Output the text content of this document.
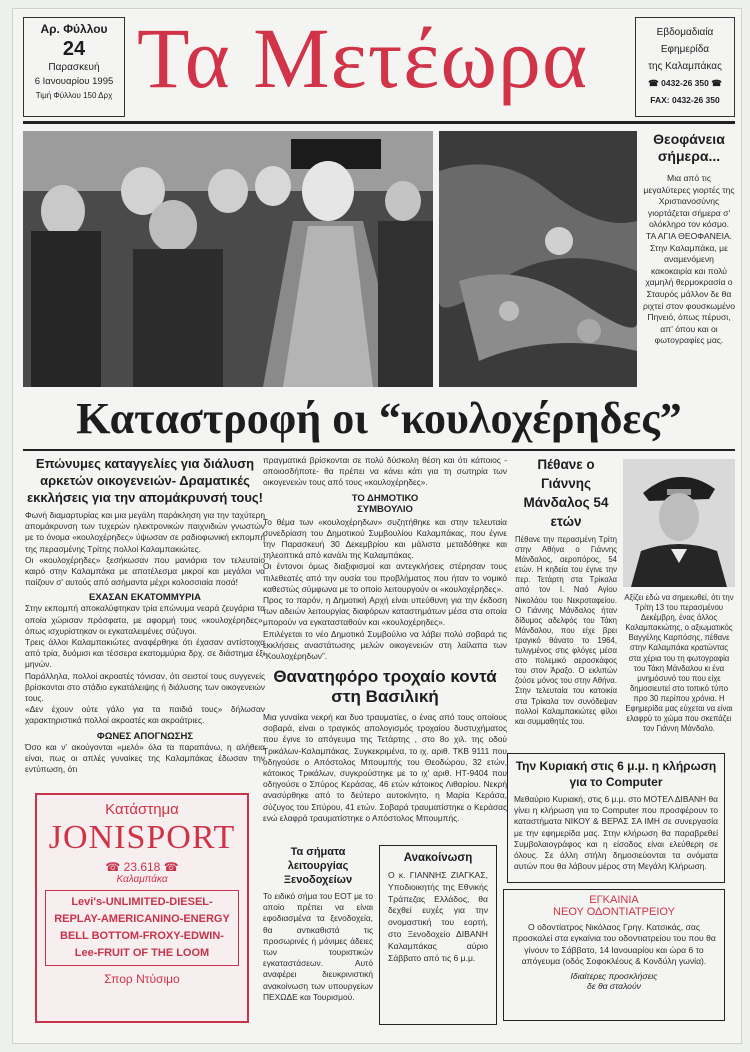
Αρ. Φύλλου
24
Παρασκευή
6 Ιανουαρίου 1995
Τιμή Φύλλου 150 Δρχ Τα Μετέωρα	Εβδομαδιαία
Εφημερίδα
της Καλαμπάκας
☎ 0432-26 350 ☎
FAX: 0432-26 350
Θεοφάνεια σήμερα...
Μια από τις μεγαλύτερες γιορτές της Χριστιανοσύνης γιορτάζεται σήμερα σ' ολόκληρο τον κόσμο. ΤΑ ΑΓΙΑ ΘΕΟΦΑΝΕΙΑ. Στην Καλαμπάκα, με αναμενόμενη κακοκαιρία και πολύ χαμηλή θερμοκρασία ο Σταυρός μάλλον δε θα ριχτεί στον φουσκωμένο Πηνειό, όπως πέρυσι, απ' όπου και οι φωτογραφίες μας.
Καταστροφή οι “κουλοχέρηδες”
Επώνυμες καταγγελίες για διάλυση αρκετών οικογενειών- Δραματικές εκκλήσεις για την απομάκρυνσή τους!
Φωνή διαμαρτυρίας και μια μεγάλη παράκληση για την ταχύτερη απομάκρυνση των τυχερών ηλεκτρονικών παιχνιδιών γνωστών με το όνομα «κουλοχέρηδες» ύψωσαν σε ραδιοφωνική εκπομπή της περασμένης Τρίτης πολλοί Καλαμπακιώτες.
Οι «κουλοχέρηδες» ξεσήκωσαν που μανιάρια τον τελευταίο καιρό στην Καλαμπάκα με αποτέλεσμα μικροί και μεγάλοι να παίζουν σ' αυτούς από ασήμαντα μέχρι κολοσσιαία ποσά!
ΕΧΑΣΑΝ ΕΚΑΤΟΜΜΥΡΙΑ
Στην εκπομπή αποκαλύφτηκαν τρία επώνυμα νεαρά ζευγάρια τα οποία χώρισαν πρόσφατα, με αφορμή τους «κουλοχέρηδες», όπως ισχυρίστηκαν οι εγκαταλειμένες σύζυγοι.
Τρεις άλλοι Καλαμπακιώτες αναφέρθηκε ότι έχασαν αντίστοιχα από τρία, δυόμισι και τέσσερα εκατομμύρια δρχ. σε διάστημα έξι μηνών.
Παράλληλα, πολλοί ακροατές τόνισαν, ότι σειστοί τους συγγενείς βρίσκονται στο στάδιο εγκατάλειψης ή διάλυσης των οικογενειών τους.
«Δεν έχουν ούτε γάλο για τα παιδιά τους» δήλωσαν χαρακτηριστικά πολλοί ακροατές και ακροάτριες.
ΦΩΝΕΣ ΑΠΟΓΝΩΣΗΣ
Όσο και ν' ακούγονται «μελό» όλα τα παραπάνω, η αλήθεια είναι, πως οι απλές γυναίκες της Καλαμπάκας έδωσαν την εντύπωση, ότι
Κατάστημα
JONISPORT
☎ 23.618 ☎
Καλαμπάκα
Levi's-UNLIMITED-DIESEL-
REPLAY-AMERICANINO-ENERGY
BELL BOTTOM-FROXY-EDWIN-
Lee-FRUIT OF THE LOOM
Σπορ Ντύσιμο
πραγματικά βρίσκονται σε πολύ δύσκολη θέση και ότι κάποιος - οποιοσδήποτε- θα πρέπει να κάνει κάτι για τη σωτηρία των οικογενειών τους από τους «κουλοχέρηδες».
ΤΟ ΔΗΜΟΤΙΚΟ ΣΥΜΒΟΥΛΙΟ
Το θέμα των «κουλοχέρηδων» συζητήθηκε και στην τελευταία συνεδρίαση του Δημοτικού Συμβουλίου Καλαμπάκας, που έγινε την Παρασκευή 30 Δεκεμβρίου και μάλιστα μεταδόθηκε και τηλεοπτικά από κανάλι της Καλαμπάκας.
Οι έντονοι όμως διαξιφισμοί και αντεγκλήσεις στέρησαν τους πιλεθεατές από την ουσία του προβλήματος που ήταν το νομικό καθεστώς σύμφωνα με το οποίο λειτουργούν οι «κουλοχέρηδες».
Προς το παρόν, η Δημοτική Αρχή είναι υπεύθυνη για την έκδοση των αδειών λειτουργίας διαφόρων καταστημάτων μέσα στα οποία μπορούν να εγκατασταθούν και «κουλοχέρηδες».
Επιλέγεται το νέο Δημοτικό Συμβούλιο να λάβει πολύ σοβαρά τις εκκλήσεις αναστάτωσης μελών οικογενειών στη λαίλαπα των “Κουλοχέρηδων”.
Θανατηφόρο τροχαίο κοντά στη Βασιλική
Μια γυναίκα νεκρή και δυο τραυματίες, ο ένας από τους οποίους σοβαρά, είναι ο τραγικός απολογισμός τροχαίου δυστυχήματος που έγινε το απόγευμα της Τετάρτης , στο 8ο χιλ. της οδού Τρικάλων-Καλαμπάκας. Συγκεκριμένα, το ιχ. αριθ. ΤΚΒ 9111 που οδηγούσε ο Απόστολος Μπουμπής του Θεοδώρου, 32 ετών, κάτοικος Τρικάλων, συγκρούστηκε με το ιχ' αριθ. ΗΤ-9404 που οδηγούσε ο Σπύρος Κεράσας, 46 ετών κάτοικος Λιθαρίου. Νεκρή ανασύρθηκε από το δεύτερο αυτοκίνητο, η Μαρία Κεράσα, σύζυγος του Σπύρου, 41 ετών. Σοβαρά τραυματίστηκε ο Κεράσας ενώ ελαφρά τραυματίστηκε ο Απόστολος Μπουμπής.
Τα σήματα λειτουργίας Ξενοδοχείων
Το ειδικό σήμα του ΕΟΤ με το οποίο πρέπει να είναι εφοδιασμένα τα ξενοδοχεία, θα αντικαθιστά τις προσωρινές ή μόνιμες άδειες των τουριστικών εγκαταστάσεων. Αυτό αναφέρει διευκρινιστική ανακοίνωση των υπουργείων ΠΕΧΩΔΕ και Τουρισμού.
Ανακοίνωση
Ο κ. ΓΙΑΝΝΗΣ ΖΙΑΓΚΑΣ, Υποδιοικητής της Εθνικής Τράπεζας Ελλάδος, θα δεχθεί ευχές για την ονομαστική του εορτή, στο Ξενοδοχείο ΔΙΒΑΝΗ Καλαμπάκας αύριο Σάββατο από τις 6 μ.μ.
Πέθανε ο Γιάννης Μάνδαλος 54 ετών
Πέθανε την περασμένη Τρίτη στην Αθήνα ο Γιάννης Μάνδαλος, αεροπόρος, 54 ετών. Η κηδεία του έγινε την περ. Τετάρτη στα Τρίκαλα από τον Ι. Ναό Αγίου Νικολάου του Νεκροταφείου. Ο Γιάννης Μάνδαλος ήταν δίδυμος αδελφός του Τάκη Μάνδαλου, που είχε βρει τραγικό θάνατο το 1964, τυλιγμένος στις φλόγες μέσα στο πολεμικό αεροσκάφος του στον Άραξο. Ο εκλιπών ζούσε μόνος του στην Αθήνα. Στην τελευταία του κατοικία στα Τρίκαλα τον συνόδεψαν πολλοί Καλαμπακιώτες φίλοι και συμμαθητές του.
Αξίζει εδώ να σημειωθεί, ότι την Τρίτη 13 του περασμένου Δεκέμβρη, ένας άλλος Καλαμπακιώτης, ο αξιωματικός Βαγγέλης Καρπόσης, πέθανε στην Καλαμπάκα κρατώντας στα χέρια του τη φωτογραφία του Τάκη Μάνδαλου κι ένα μνημόσυνό του που είχε δημοσιευτεί στο τοπικό τύπο προ 30 περίπου χρόνια. Η Εφημερίδα μας εύχεται να είναι ελαφρύ το χώμα που σκεπάζει τον Γιάννη Μάνδαλο.
Την Κυριακή στις 6 μ.μ. η κλήρωση για το Computer
Μεθαύριο Κυριακή, στις 6 μ.μ. στο ΜΟΤΕΛ ΔΙΒΑΝΗ θα γίνει η κλήρωση για το Computer που προσφέρουν το καταστήματα ΝΙΚΟΥ & ΒΕΡΑΣ ΣΑ ΙΜΗ σε συνεργασία με την εφημερίδα μας. Στην κλήρωση θα παραβρεθεί Συμβολαιογράφος και η είσοδος είναι ελεύθερη σε όλους. Σε άλλη στήλη δημοσιεύονται τα ονόματα αυτών που θα λάβουν μέρος στη Μεγάλη Κλήρωση.
ΕΓΚΑΙΝΙΑ
ΝΕΟΥ ΟΔΟΝΤΙΑΤΡΕΙΟΥ
Ο οδοντίατρος Νικόλαος Γρηγ. Κατσικάς, σας προσκαλεί στα εγκαίνια του οδοντιατρείου του που θα γίνουν το Σάββατο, 14 Ιανουαρίου και ώρα 6 το απόγευμα (οδός Σοφοκλέους & Κονδύλη γωνία).
Ιδιαίτερες προσκλήσεις
δε θα σταλούν
